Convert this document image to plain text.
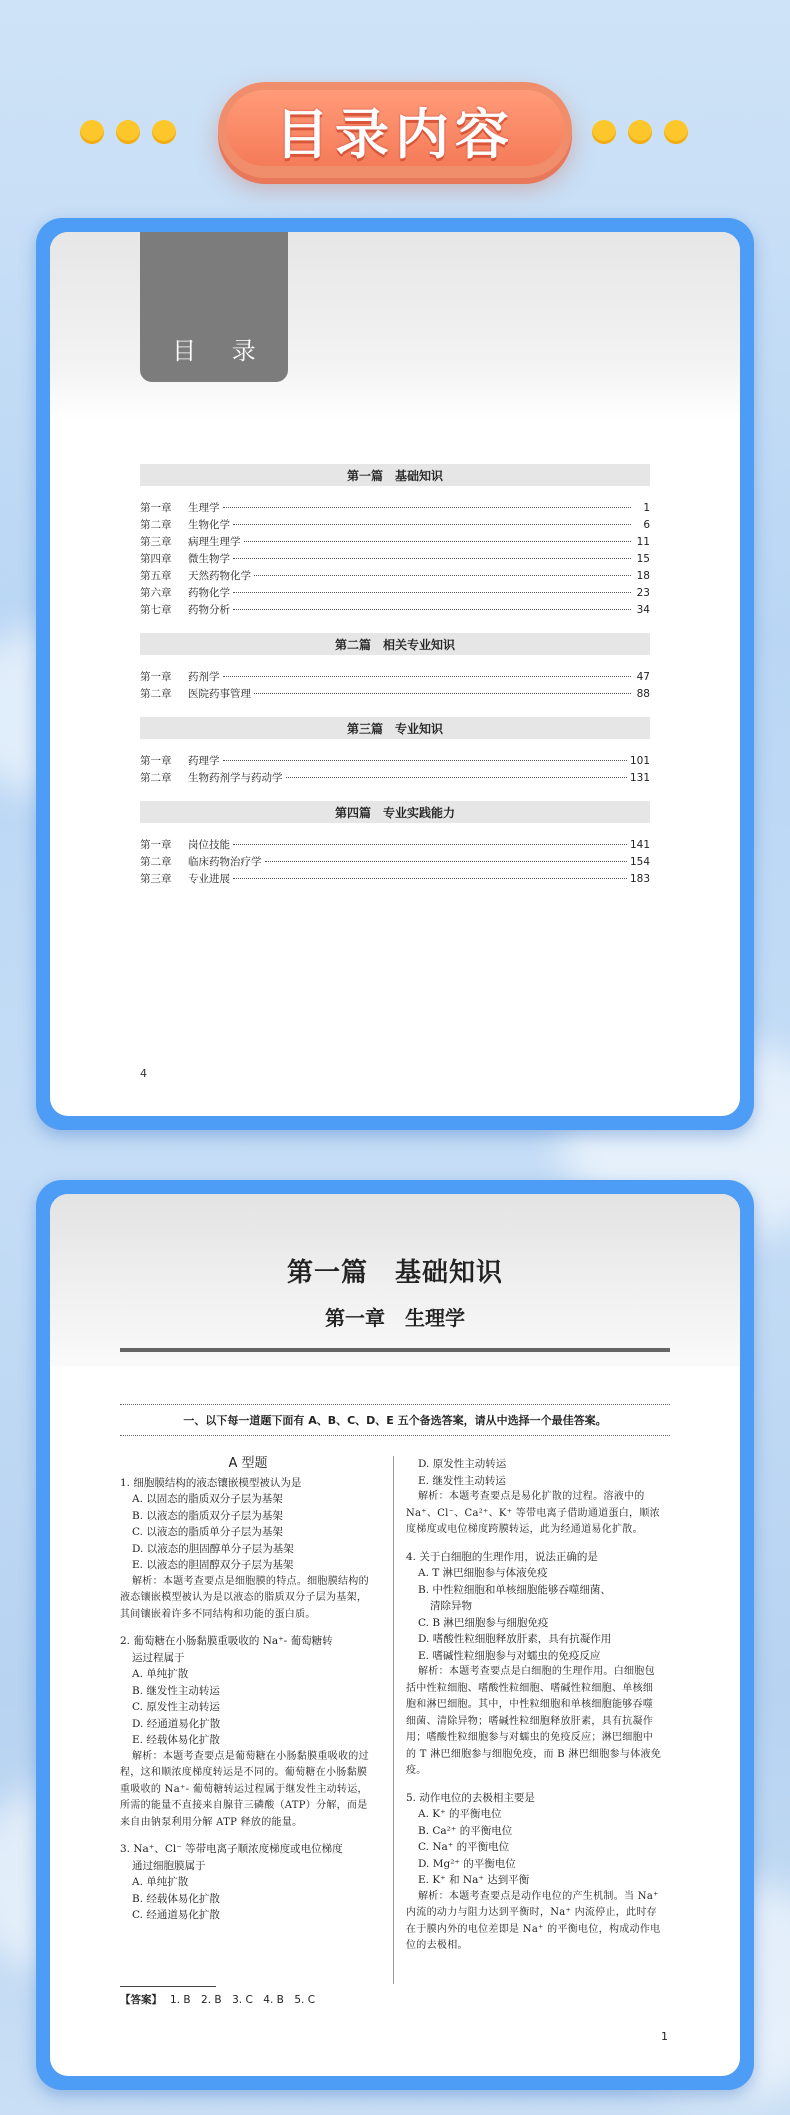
目录内容
目 录
第一篇　基础知识
第一章	生理学	1
第二章	生物化学	6
第三章	病理生理学	11
第四章	微生物学	15
第五章	天然药物化学	18
第六章	药物化学	23
第七章	药物分析	34
第二篇　相关专业知识
第一章	药剂学	47
第二章	医院药事管理	88
第三篇　专业知识
第一章	药理学	101
第二章	生物药剂学与药动学	131
第四篇　专业实践能力
第一章	岗位技能	141
第二章	临床药物治疗学	154
第三章	专业进展	183
4
第一篇　基础知识
第一章　生理学
一、以下每一道题下面有 A、B、C、D、E 五个备选答案，请从中选择一个最佳答案。
A 型题
1. 细胞膜结构的液态镶嵌模型被认为是
A. 以固态的脂质双分子层为基架
B. 以液态的脂质双分子层为基架
C. 以液态的脂质单分子层为基架
D. 以液态的胆固醇单分子层为基架
E. 以液态的胆固醇双分子层为基架
解析：本题考查要点是细胞膜的特点。细胞膜结构的液态镶嵌模型被认为是以液态的脂质双分子层为基架，其间镶嵌着许多不同结构和功能的蛋白质。
2. 葡萄糖在小肠黏膜重吸收的 Na⁺- 葡萄糖转
运过程属于
A. 单纯扩散
B. 继发性主动转运
C. 原发性主动转运
D. 经通道易化扩散
E. 经载体易化扩散
解析：本题考查要点是葡萄糖在小肠黏膜重吸收的过程，这和顺浓度梯度转运是不同的。葡萄糖在小肠黏膜重吸收的 Na⁺- 葡萄糖转运过程属于继发性主动转运，所需的能量不直接来自腺苷三磷酸（ATP）分解，而是来自由钠泵利用分解 ATP 释放的能量。
3. Na⁺、Cl⁻ 等带电离子顺浓度梯度或电位梯度
通过细胞膜属于
A. 单纯扩散
B. 经载体易化扩散
C. 经通道易化扩散
D. 原发性主动转运
E. 继发性主动转运
解析：本题考查要点是易化扩散的过程。溶液中的 Na⁺、Cl⁻、Ca²⁺、K⁺ 等带电离子借助通道蛋白，顺浓度梯度或电位梯度跨膜转运，此为经通道易化扩散。
4. 关于白细胞的生理作用，说法正确的是
A. T 淋巴细胞参与体液免疫
B. 中性粒细胞和单核细胞能够吞噬细菌、
清除异物
C. B 淋巴细胞参与细胞免疫
D. 嗜酸性粒细胞释放肝素，具有抗凝作用
E. 嗜碱性粒细胞参与对蠕虫的免疫反应
解析：本题考查要点是白细胞的生理作用。白细胞包括中性粒细胞、嗜酸性粒细胞、嗜碱性粒细胞、单核细胞和淋巴细胞。其中，中性粒细胞和单核细胞能够吞噬细菌、清除异物；嗜碱性粒细胞释放肝素，具有抗凝作用；嗜酸性粒细胞参与对蠕虫的免疫反应；淋巴细胞中的 T 淋巴细胞参与细胞免疫，而 B 淋巴细胞参与体液免疫。
5. 动作电位的去极相主要是
A. K⁺ 的平衡电位
B. Ca²⁺ 的平衡电位
C. Na⁺ 的平衡电位
D. Mg²⁺ 的平衡电位
E. K⁺ 和 Na⁺ 达到平衡
解析：本题考查要点是动作电位的产生机制。当 Na⁺ 内流的动力与阻力达到平衡时，Na⁺ 内流停止，此时存在于膜内外的电位差即是 Na⁺ 的平衡电位，构成动作电位的去极相。
【答案】 1. B　2. B　3. C　4. B　5. C
1
